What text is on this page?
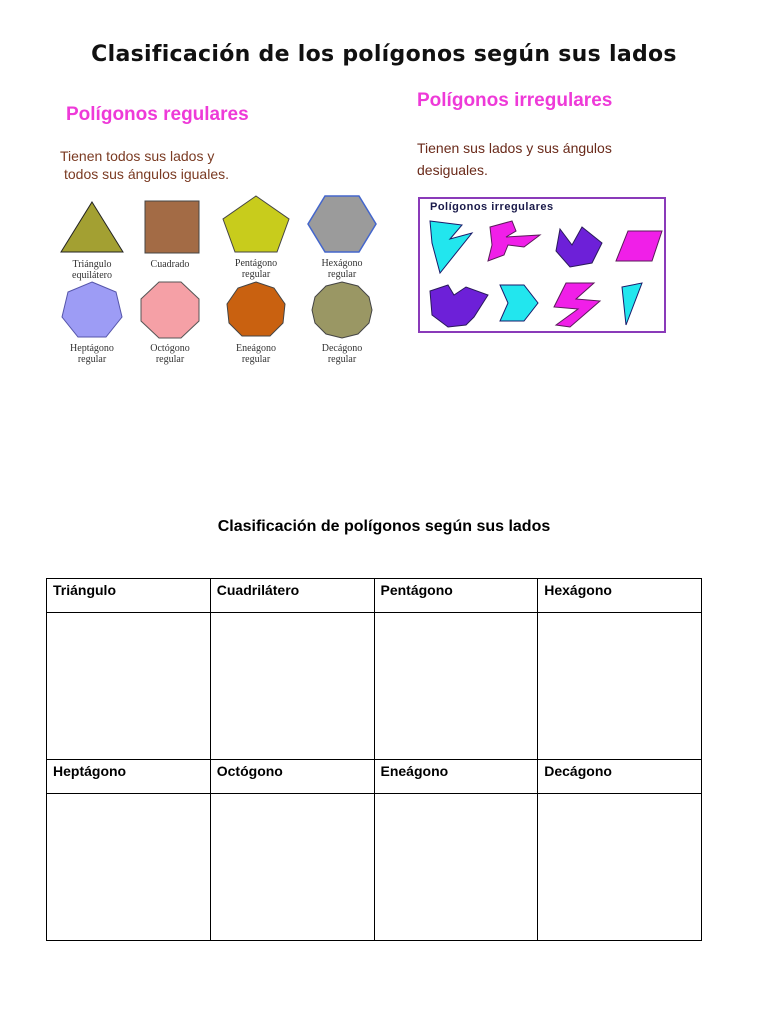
Clasificación de los polígonos según sus lados
Polígonos regulares
Tienen todos sus lados y
todos sus ángulos iguales.
Triángulo
equilátero
Cuadrado	Pentágono
regular
Hexágono
regular
Heptágono
regular
Octógono
regular
Eneágono
regular
Decágono
regular
Polígonos irregulares
Tienen sus lados y sus ángulos
desiguales.
Polígonos irregulares
Clasificación de polígonos según sus lados
Triángulo	Cuadrilátero	Pentágono	Hexágono

Heptágono	Octógono	Eneágono	Decágono
